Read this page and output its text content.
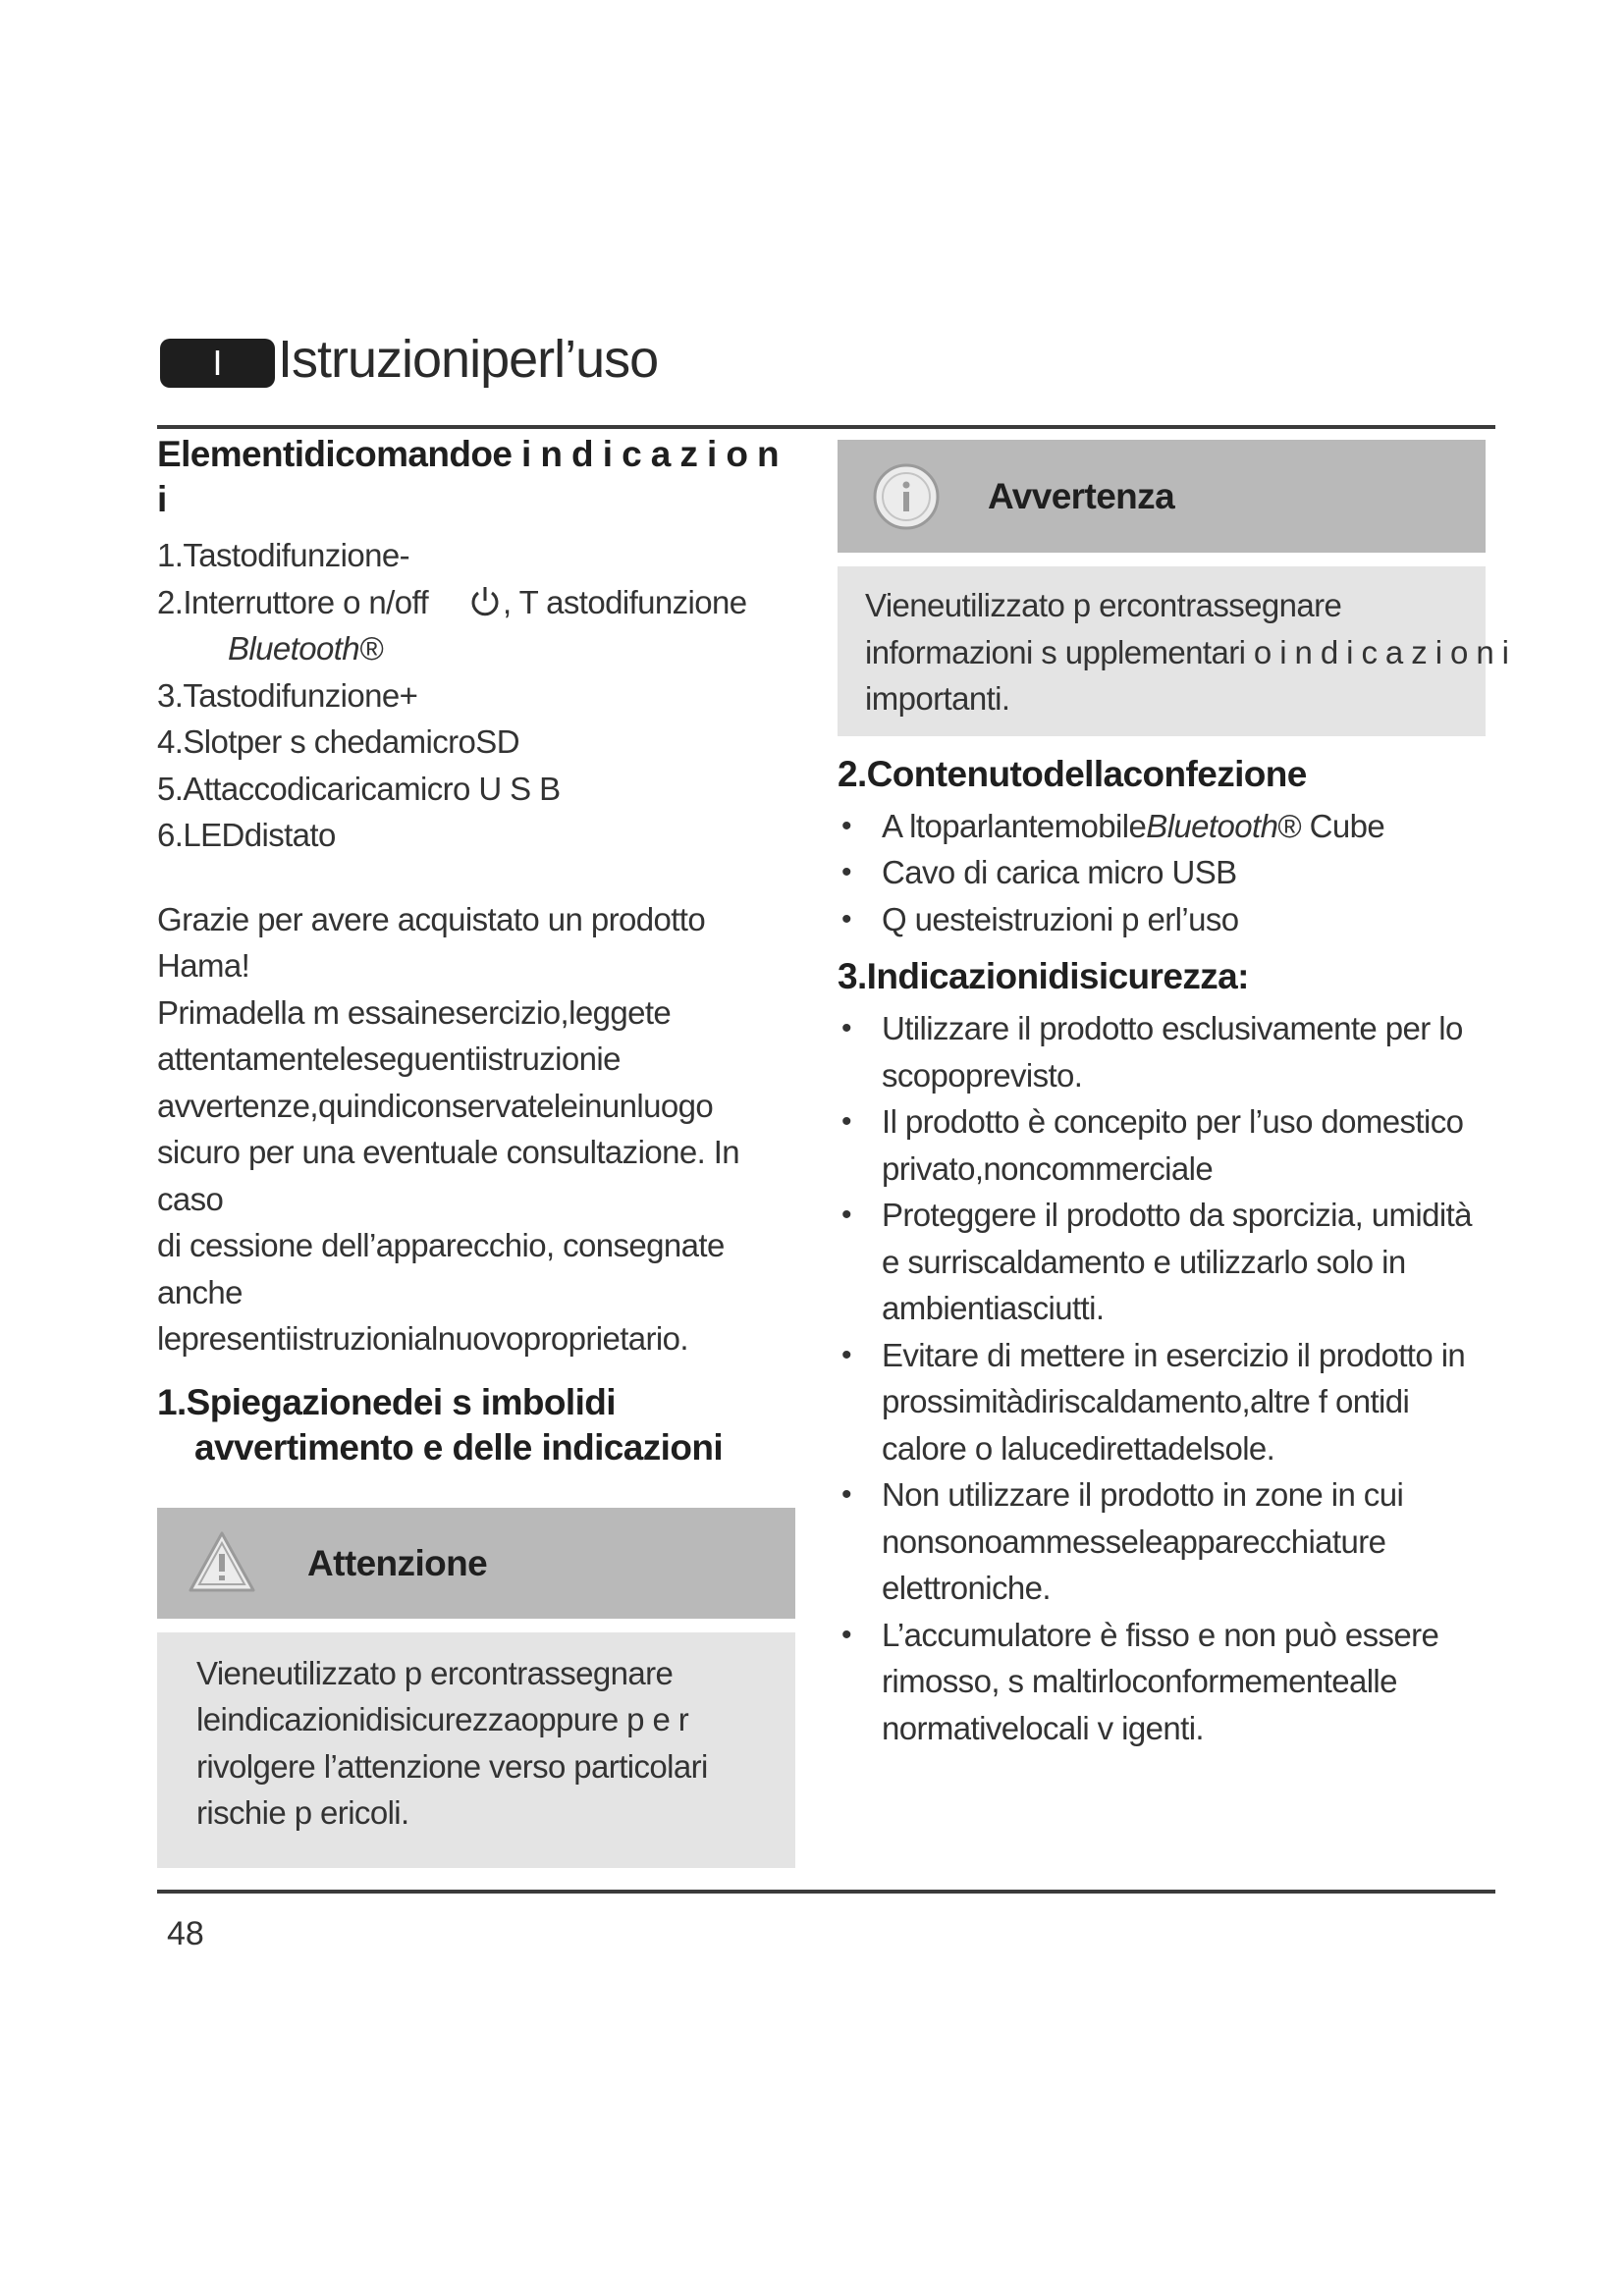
I	Istruzioniperl’uso
Elementidicomandoe i n d i c a z i o n i
1.Tastodifunzione-
2.Interruttore o n/off , T astodifunzione
Bluetooth®
3.Tastodifunzione+
4.Slotper s chedamicroSD
5.Attaccodicaricamicro U S B
6.LEDdistato
Grazie per avere acquistato un prodotto Hama!
Primadella m essainesercizio,leggete
attentamenteleseguentiistruzionie
avvertenze,quindiconservateleinunluogo
sicuro per una eventuale consultazione. In caso
di cessione dell’apparecchio, consegnate anche
lepresentiistruzionialnuovoproprietario.
1.Spiegazionedei s imbolidi
avvertimento e delle indicazioni
Attenzione
Vieneutilizzato p ercontrassegnare
leindicazionidisicurezzaoppure p e r
rivolgere l’attenzione verso particolari
rischie p ericoli.
Avvertenza
Vieneutilizzato p ercontrassegnare
informazioni s upplementari o i n d i c a z i o n i
importanti.
2.Contenutodellaconfezione
• A ltoparlantemobileBluetooth® Cube
• Cavo di carica micro USB
• Q uesteistruzioni p erl’uso
3.Indicazionidisicurezza:
• Utilizzare il prodotto esclusivamente per lo
scopoprevisto.
• Il prodotto è concepito per l’uso domestico
privato,noncommerciale
• Proteggere il prodotto da sporcizia, umidità
e surriscaldamento e utilizzarlo solo in
ambientiasciutti.
• Evitare di mettere in esercizio il prodotto in
prossimitàdiriscaldamento,altre f ontidi
calore o lalucedirettadelsole.
• Non utilizzare il prodotto in zone in cui
nonsonoammesseleapparecchiature
elettroniche.
• L’accumulatore è fisso e non può essere
rimosso, s maltirloconformementealle
normativelocali v igenti.
48
